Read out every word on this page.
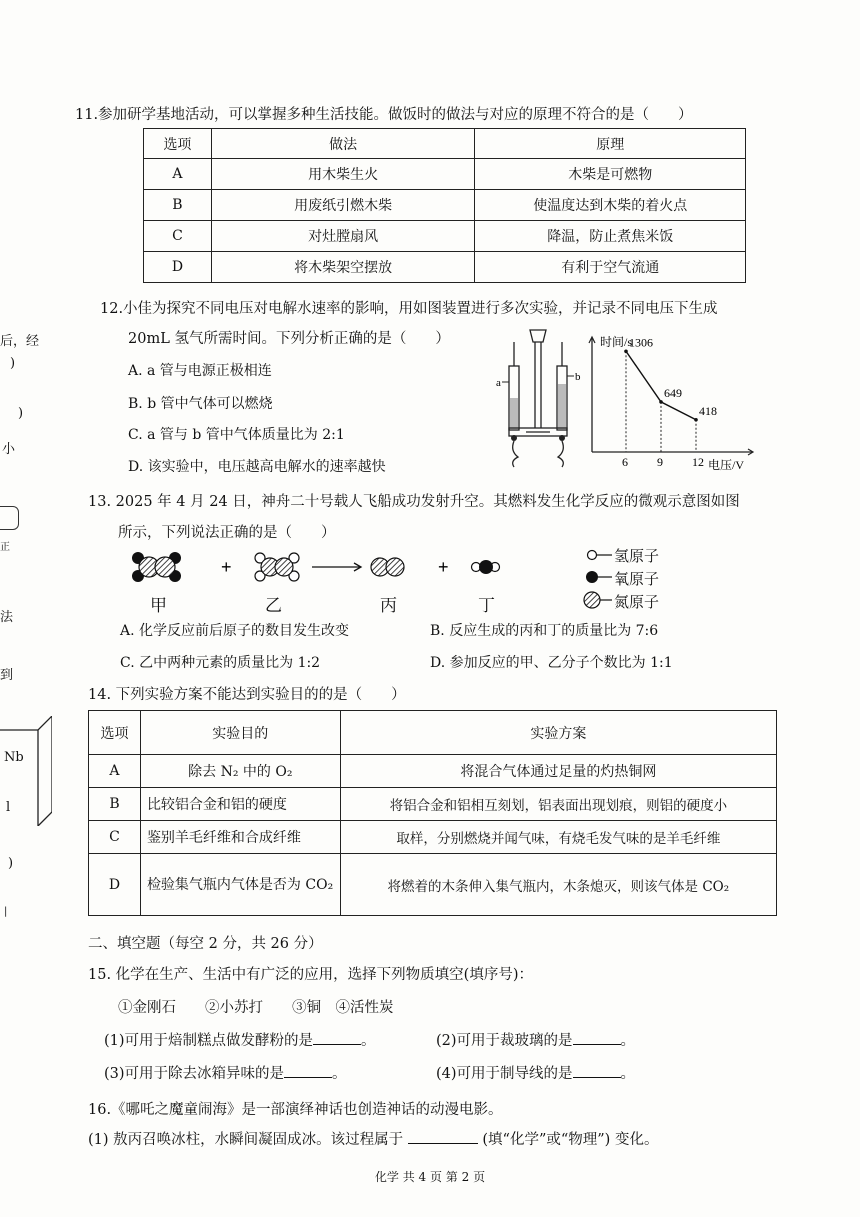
后，经
)
)
小
正
法
到
Nb
l
)
|
11.参加研学基地活动，可以掌握多种生活技能。做饭时的做法与对应的原理不符合的是（　　）
选项	做法	原理
A	用木柴生火	木柴是可燃物
B	用废纸引燃木柴	使温度达到木柴的着火点
C	对灶膛扇风	降温，防止煮焦米饭
D	将木柴架空摆放	有利于空气流通
12.小佳为探究不同电压对电解水速率的影响，用如图装置进行多次实验，并记录不同电压下生成
20mL 氢气所需时间。下列分析正确的是（　　）
A. a 管与电源正极相连
B. b 管中气体可以燃烧
C. a 管与 b 管中气体质量比为 2:1
D. 该实验中，电压越高电解水的速率越快
a	b
时间/s
电压/V
6
1306
9
649
12
418
13. 2025 年 4 月 24 日，神舟二十号载人飞船成功发射升空。其燃料发生化学反应的微观示意图如图
所示，下列说法正确的是（　　）
+	+
氢原子
氧原子
氮原子
甲	乙	丙	丁
A. 化学反应前后原子的数目发生改变	B. 反应生成的丙和丁的质量比为 7:6
C. 乙中两种元素的质量比为 1:2	D. 参加反应的甲、乙分子个数比为 1:1
14. 下列实验方案不能达到实验目的的是（　　）
选项	实验目的	实验方案
A	除去 N₂ 中的 O₂	将混合气体通过足量的灼热铜网
B	比较铝合金和铝的硬度	将铝合金和铝相互刻划，铝表面出现划痕，则铝的硬度小
C	鉴别羊毛纤维和合成纤维	取样，分别燃烧并闻气味，有烧毛发气味的是羊毛纤维
D	检验集气瓶内气体是否为 CO₂	将燃着的木条伸入集气瓶内，木条熄灭，则该气体是 CO₂
二、填空题（每空 2 分，共 26 分）
15. 化学在生产、生活中有广泛的应用，选择下列物质填空(填序号)：
①金刚石　　②小苏打　　③铜　④活性炭
(1)可用于焙制糕点做发酵粉的是	。	(2)可用于裁玻璃的是	。
(3)可用于除去冰箱异味的是	。	(4)可用于制导线的是	。
16.《哪吒之魔童闹海》是一部演绎神话也创造神话的动漫电影。
(1) 敖丙召唤冰柱，水瞬间凝固成冰。该过程属于	(填“化学”或“物理”) 变化。
化学 共 4 页 第 2 页
